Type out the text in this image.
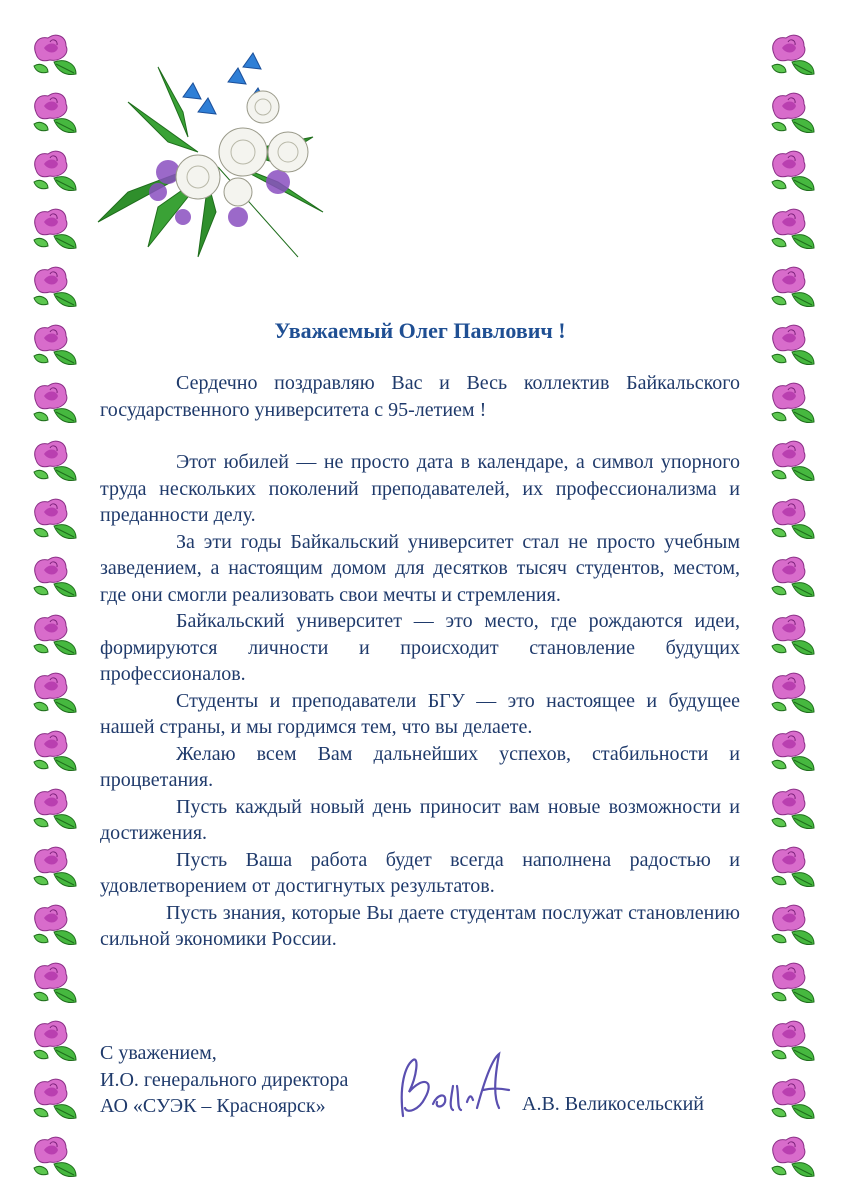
Уважаемый Олег Павлович !

Сердечно поздравляю Вас и Весь коллектив Байкальского государственного университета с 95-летием !

Этот юбилей — не просто дата в календаре, а символ упорного труда нескольких поколений преподавателей, их профессионализма и преданности делу.

За эти годы Байкальский университет стал не просто учебным заведением, а настоящим домом для десятков тысяч студентов, местом, где они смогли реализовать свои мечты и стремления.

Байкальский университет — это место, где рождаются идеи, формируются личности и происходит становление будущих профессионалов.

Студенты и преподаватели БГУ — это настоящее и будущее нашей страны, и мы гордимся тем, что вы делаете.

Желаю всем Вам дальнейших успехов, стабильности и процветания.

Пусть каждый новый день приносит вам новые возможности и достижения.

Пусть Ваша работа будет всегда наполнена радостью и удовлетворением от достигнутых результатов.

Пусть знания, которые Вы даете студентам послужат становлению сильной экономики России.

С уважением,
И.О. генерального директора
АО «СУЭК – Красноярск»	А.В. Великосельский
